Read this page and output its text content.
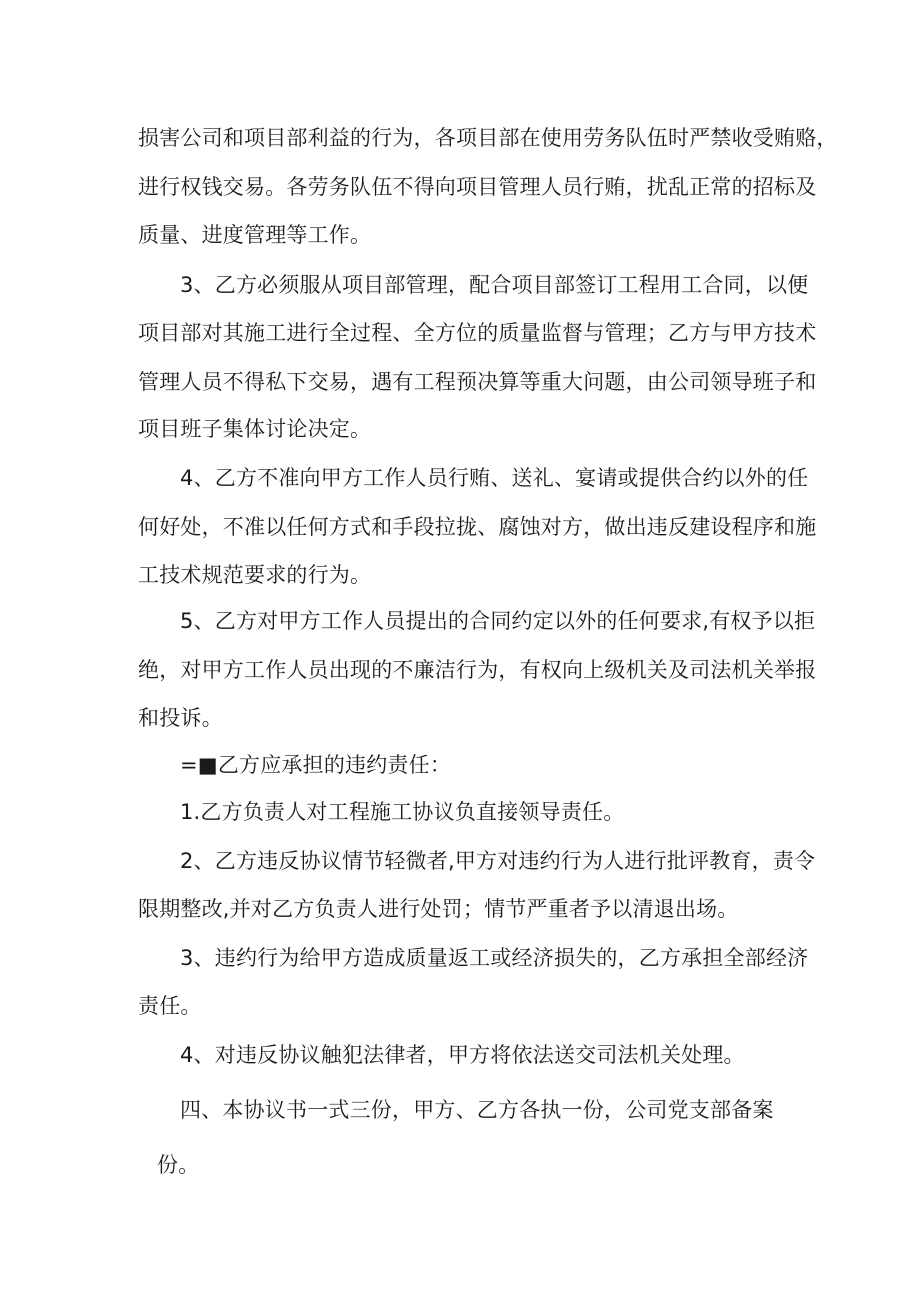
损害公司和项目部利益的行为，各项目部在使用劳务队伍时严禁收受贿赂，
进行权钱交易。各劳务队伍不得向项目管理人员行贿，扰乱正常的招标及
质量、进度管理等工作。
3、乙方必须服从项目部管理，配合项目部签订工程用工合同，以便
项目部对其施工进行全过程、全方位的质量监督与管理；乙方与甲方技术
管理人员不得私下交易，遇有工程预决算等重大问题，由公司领导班子和
项目班子集体讨论决定。
4、乙方不准向甲方工作人员行贿、送礼、宴请或提供合约以外的任
何好处，不准以任何方式和手段拉拢、腐蚀对方，做出违反建设程序和施
工技术规范要求的行为。
5、乙方对甲方工作人员提出的合同约定以外的任何要求,有权予以拒
绝，对甲方工作人员出现的不廉洁行为，有权向上级机关及司法机关举报
和投诉。
=■乙方应承担的违约责任：
1.乙方负责人对工程施工协议负直接领导责任。
2、乙方违反协议情节轻微者,甲方对违约行为人进行批评教育，责令
限期整改,并对乙方负责人进行处罚；情节严重者予以清退出场。
3、违约行为给甲方造成质量返工或经济损失的，乙方承担全部经济
责任。
4、对违反协议触犯法律者，甲方将依法送交司法机关处理。
四、本协议书一式三份，甲方、乙方各执一份，公司党支部备案
份。
